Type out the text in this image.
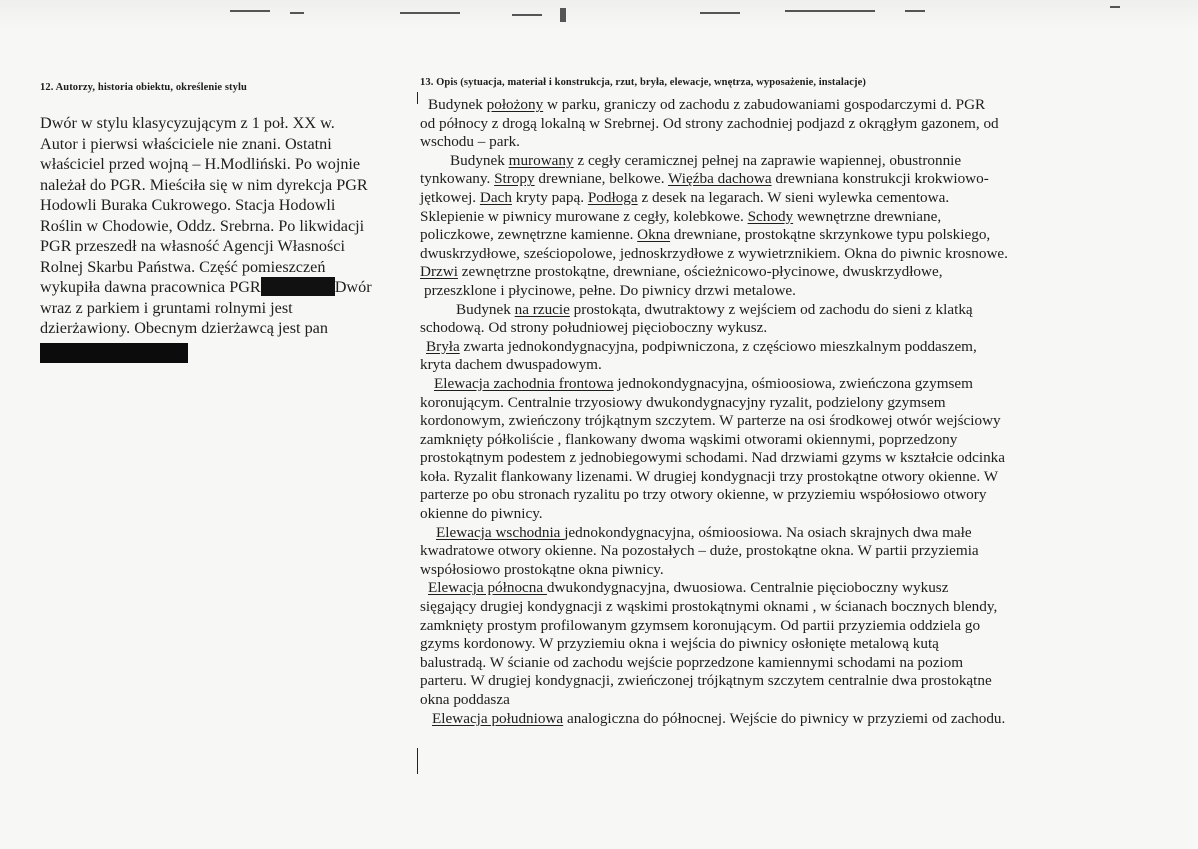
12. Autorzy, historia obiektu, określenie stylu
Dwór w stylu klasycyzującym z 1 poł. XX w.
Autor i pierwsi właściciele nie znani. Ostatni
właściciel przed wojną – H.Modliński. Po wojnie
należał do PGR. Mieściła się w nim dyrekcja PGR
Hodowli Buraka Cukrowego. Stacja Hodowli
Roślin w Chodowie, Oddz. Srebrna. Po likwidacji
PGR przeszedł na własność Agencji Własności
Rolnej Skarbu Państwa. Część pomieszczeń
wykupiła dawna pracownica PGR	Dwór
wraz z parkiem i gruntami rolnymi jest
dzierżawiony. Obecnym dzierżawcą jest pan
13. Opis (sytuacja, materiał i konstrukcja, rzut, bryła, elewacje, wnętrza, wyposażenie, instalacje)
Budynek położony w parku, graniczy od zachodu z zabudowaniami gospodarczymi d. PGR
od północy z drogą lokalną w Srebrnej. Od strony zachodniej podjazd z okrągłym gazonem, od
wschodu – park.
Budynek murowany z cegły ceramicznej pełnej na zaprawie wapiennej, obustronnie
tynkowany. Stropy drewniane, belkowe. Więźba dachowa drewniana konstrukcji krokwiowo-
jętkowej. Dach kryty papą. Podłoga z desek na legarach. W sieni wylewka cementowa.
Sklepienie w piwnicy murowane z cegły, kolebkowe. Schody wewnętrzne drewniane,
policzkowe, zewnętrzne kamienne. Okna drewniane, prostokątne skrzynkowe typu polskiego,
dwuskrzydłowe, sześciopolowe, jednoskrzydłowe z wywietrznikiem. Okna do piwnic krosnowe.
Drzwi zewnętrzne prostokątne, drewniane, ościeżnicowo-płycinowe, dwuskrzydłowe,
przeszklone i płycinowe, pełne. Do piwnicy drzwi metalowe.
Budynek na rzucie prostokąta, dwutraktowy z wejściem od zachodu do sieni z klatką
schodową. Od strony południowej pięcioboczny wykusz.
Bryła zwarta jednokondygnacyjna, podpiwniczona, z częściowo mieszkalnym poddaszem,
kryta dachem dwuspadowym.
Elewacja zachodnia frontowa jednokondygnacyjna, ośmioosiowa, zwieńczona gzymsem
koronującym. Centralnie trzyosiowy dwukondygnacyjny ryzalit, podzielony gzymsem
kordonowym, zwieńczony trójkątnym szczytem. W parterze na osi środkowej otwór wejściowy
zamknięty półkoliście , flankowany dwoma wąskimi otworami okiennymi, poprzedzony
prostokątnym podestem z jednobiegowymi schodami. Nad drzwiami gzyms w kształcie odcinka
koła. Ryzalit flankowany lizenami. W drugiej kondygnacji trzy prostokątne otwory okienne. W
parterze po obu stronach ryzalitu po trzy otwory okienne, w przyziemiu współosiowo otwory
okienne do piwnicy.
Elewacja wschodnia jednokondygnacyjna, ośmioosiowa. Na osiach skrajnych dwa małe
kwadratowe otwory okienne. Na pozostałych – duże, prostokątne okna. W partii przyziemia
współosiowo prostokątne okna piwnicy.
Elewacja północna dwukondygnacyjna, dwuosiowa. Centralnie pięcioboczny wykusz
sięgający drugiej kondygnacji z wąskimi prostokątnymi oknami , w ścianach bocznych blendy,
zamknięty prostym profilowanym gzymsem koronującym. Od partii przyziemia oddziela go
gzyms kordonowy. W przyziemiu okna i wejścia do piwnicy osłonięte metalową kutą
balustradą. W ścianie od zachodu wejście poprzedzone kamiennymi schodami na poziom
parteru. W drugiej kondygnacji, zwieńczonej trójkątnym szczytem centralnie dwa prostokątne
okna poddasza
Elewacja południowa analogiczna do północnej. Wejście do piwnicy w przyziemi od zachodu.
